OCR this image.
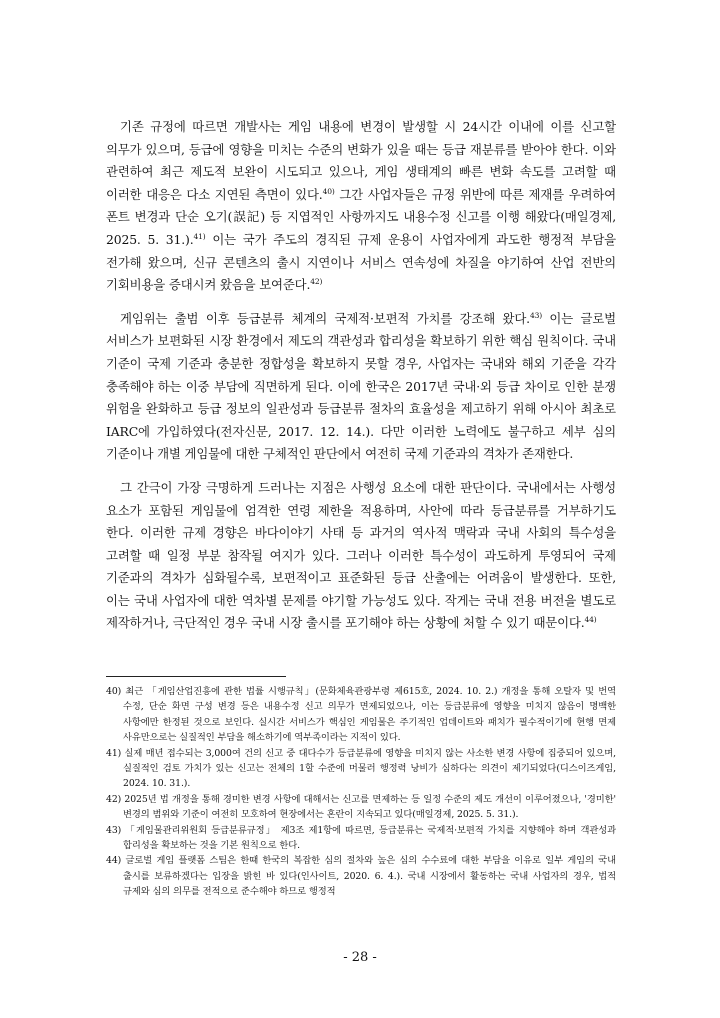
기존 규정에 따르면 개발사는 게임 내용에 변경이 발생할 시 24시간 이내에 이를 신고할 의무가 있으며, 등급에 영향을 미치는 수준의 변화가 있을 때는 등급 재분류를 받아야 한다. 이와 관련하여 최근 제도적 보완이 시도되고 있으나, 게임 생태계의 빠른 변화 속도를 고려할 때 이러한 대응은 다소 지연된 측면이 있다.$^{40)}$ 그간 사업자들은 규정 위반에 따른 제재를 우려하여 폰트 변경과 단순 오기(誤記) 등 지엽적인 사항까지도 내용수정 신고를 이행 해왔다(매일경제, 2025. 5. 31.).$^{41)}$ 이는 국가 주도의 경직된 규제 운용이 사업자에게 과도한 행정적 부담을 전가해 왔으며, 신규 콘텐츠의 출시 지연이나 서비스 연속성에 차질을 야기하여 산업 전반의 기회비용을 증대시켜 왔음을 보여준다.$^{42)}$

게임위는 출범 이후 등급분류 체계의 국제적·보편적 가치를 강조해 왔다.$^{43)}$ 이는 글로벌 서비스가 보편화된 시장 환경에서 제도의 객관성과 합리성을 확보하기 위한 핵심 원칙이다. 국내 기준이 국제 기준과 충분한 정합성을 확보하지 못할 경우, 사업자는 국내와 해외 기준을 각각 충족해야 하는 이중 부담에 직면하게 된다. 이에 한국은 2017년 국내·외 등급 차이로 인한 분쟁 위험을 완화하고 등급 정보의 일관성과 등급분류 절차의 효율성을 제고하기 위해 아시아 최초로 IARC에 가입하였다(전자신문, 2017. 12. 14.). 다만 이러한 노력에도 불구하고 세부 심의 기준이나 개별 게임물에 대한 구체적인 판단에서 여전히 국제 기준과의 격차가 존재한다.

그 간극이 가장 극명하게 드러나는 지점은 사행성 요소에 대한 판단이다. 국내에서는 사행성 요소가 포함된 게임물에 엄격한 연령 제한을 적용하며, 사안에 따라 등급분류를 거부하기도 한다. 이러한 규제 경향은 바다이야기 사태 등 과거의 역사적 맥락과 국내 사회의 특수성을 고려할 때 일정 부분 참작될 여지가 있다. 그러나 이러한 특수성이 과도하게 투영되어 국제 기준과의 격차가 심화될수록, 보편적이고 표준화된 등급 산출에는 어려움이 발생한다. 또한, 이는 국내 사업자에 대한 역차별 문제를 야기할 가능성도 있다. 작게는 국내 전용 버전을 별도로 제작하거나, 극단적인 경우 국내 시장 출시를 포기해야 하는 상황에 처할 수 있기 때문이다.$^{44)}$

40) 최근 「게임산업진흥에 관한 법률 시행규칙」(문화체육관광부령 제615호, 2024. 10. 2.) 개정을 통해 오탈자 및 번역 수정, 단순 화면 구성 변경 등은 내용수정 신고 의무가 면제되었으나, 이는 등급분류에 영향을 미치지 않음이 명백한 사항에만 한정된 것으로 보인다. 실시간 서비스가 핵심인 게임물은 주기적인 업데이트와 패치가 필수적이기에 현행 면제 사유만으로는 실질적인 부담을 해소하기에 역부족이라는 지적이 있다.

41) 실제 매년 접수되는 3,000여 건의 신고 중 대다수가 등급분류에 영향을 미치지 않는 사소한 변경 사항에 집중되어 있으며, 실질적인 검토 가치가 있는 신고는 전체의 1할 수준에 머물러 행정력 낭비가 심하다는 의견이 제기되었다(디스이즈게임, 2024. 10. 31.).

42) 2025년 법 개정을 통해 경미한 변경 사항에 대해서는 신고를 면제하는 등 일정 수준의 제도 개선이 이루어졌으나, '경미한' 변경의 범위와 기준이 여전히 모호하여 현장에서는 혼란이 지속되고 있다(매일경제, 2025. 5. 31.).

43) 「게임물관리위원회 등급분류규정」 제3조 제1항에 따르면, 등급분류는 국제적·보편적 가치를 지향해야 하며 객관성과 합리성을 확보하는 것을 기본 원칙으로 한다.

44) 글로벌 게임 플랫폼 스팀은 한때 한국의 복잡한 심의 절차와 높은 심의 수수료에 대한 부담을 이유로 일부 게임의 국내 출시를 보류하겠다는 입장을 밝힌 바 있다(인사이트, 2020. 6. 4.). 국내 시장에서 활동하는 국내 사업자의 경우, 법적 규제와 심의 의무를 전적으로 준수해야 하므로 행정적

- 28 -
